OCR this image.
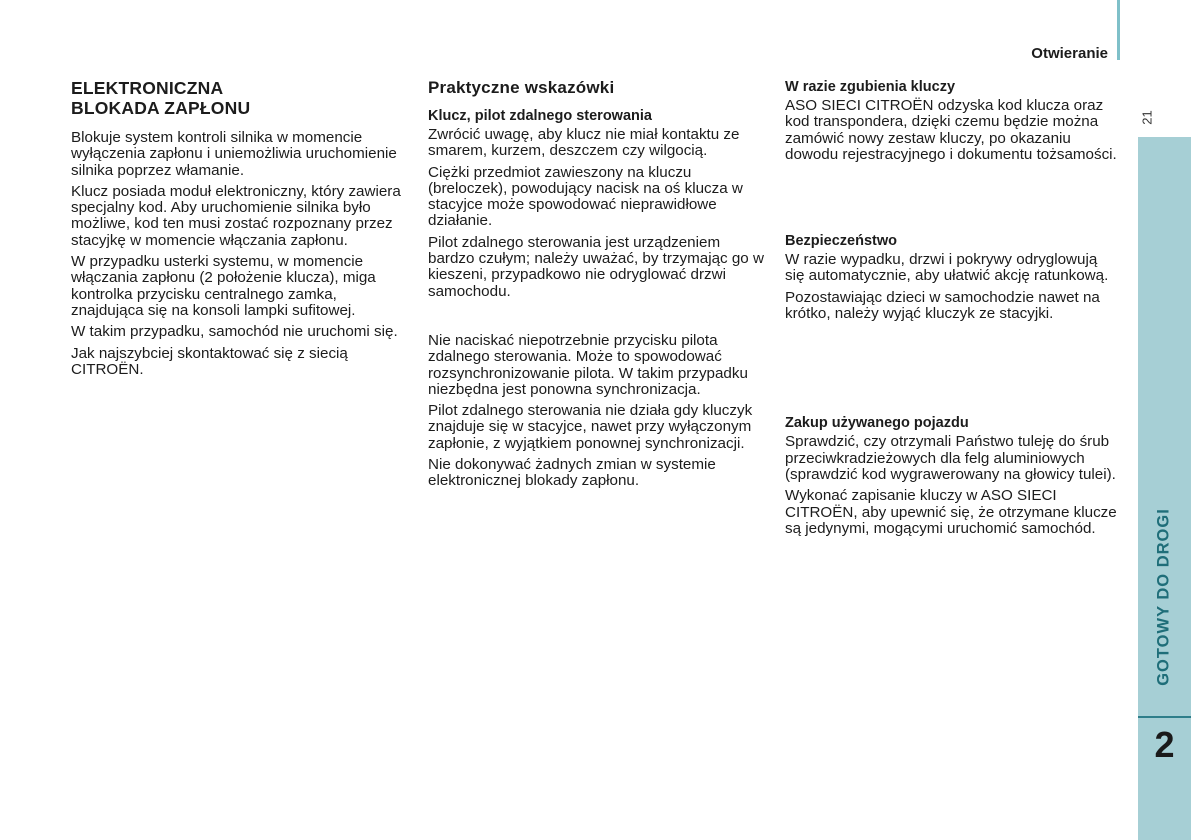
Otwieranie
21
GOTOWY DO DROGI
2
ELEKTRONICZNA
BLOKADA ZAPŁONU

Blokuje system kontroli silnika w momencie wyłączenia zapłonu i uniemożliwia uruchomienie silnika poprzez włamanie.

Klucz posiada moduł elektroniczny, który zawiera specjalny kod. Aby uruchomienie silnika było możliwe, kod ten musi zostać rozpoznany przez stacyjkę w momencie włączania zapłonu.

W przypadku usterki systemu, w momencie włączania zapłonu (2 położenie klucza), miga kontrolka przycisku centralnego zamka, znajdująca się na konsoli lampki sufitowej.

W takim przypadku, samochód nie uruchomi się.

Jak najszybciej skontaktować się z siecią CITROËN.

Praktyczne wskazówki
Klucz, pilot zdalnego sterowania

Zwrócić uwagę, aby klucz nie miał kontaktu ze smarem, kurzem, deszczem czy wilgocią.

Ciężki przedmiot zawieszony na kluczu (breloczek), powodujący nacisk na oś klucza w stacyjce może spowodować nieprawidłowe działanie.

Pilot zdalnego sterowania jest urządzeniem bardzo czułym; należy uważać, by trzymając go w kieszeni, przypadkowo nie odryglować drzwi samochodu.

Nie naciskać niepotrzebnie przycisku pilota zdalnego sterowania. Może to spowodować rozsynchronizowanie pilota. W takim przypadku niezbędna jest ponowna synchronizacja.

Pilot zdalnego sterowania nie działa gdy kluczyk znajduje się w stacyjce, nawet przy wyłączonym zapłonie, z wyjątkiem ponownej synchronizacji.

Nie dokonywać żadnych zmian w systemie elektronicznej blokady zapłonu.

W razie zgubienia kluczy

ASO SIECI CITROËN odzyska kod klucza oraz kod transpondera, dzięki czemu będzie można zamówić nowy zestaw kluczy, po okazaniu dowodu rejestracyjnego i dokumentu tożsamości.

Bezpieczeństwo

W razie wypadku, drzwi i pokrywy odryglowują się automatycznie, aby ułatwić akcję ratunkową.

Pozostawiając dzieci w samochodzie nawet na krótko, należy wyjąć kluczyk ze stacyjki.

Zakup używanego pojazdu

Sprawdzić, czy otrzymali Państwo tuleję do śrub przeciwkradzieżowych dla felg aluminiowych (sprawdzić kod wygrawerowany na głowicy tulei).

Wykonać zapisanie kluczy w ASO SIECI CITROËN, aby upewnić się, że otrzymane klucze są jedynymi, mogącymi uruchomić samochód.
